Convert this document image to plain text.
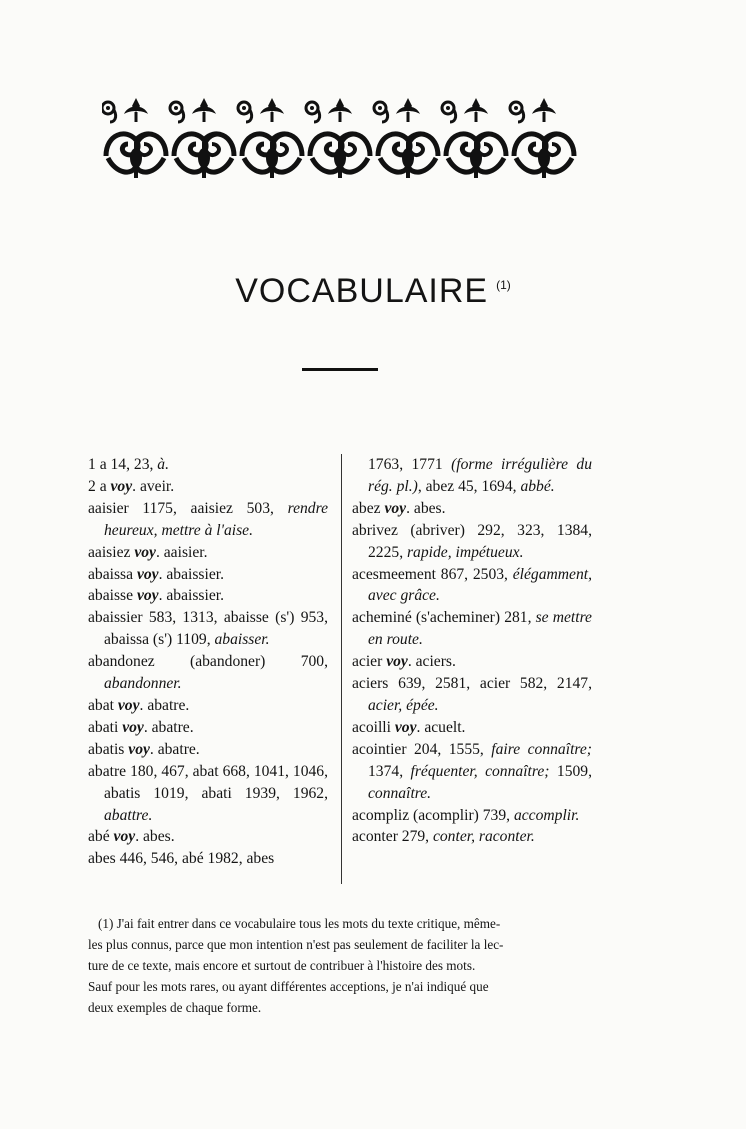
VOCABULAIRE $^{(1)}$
1 a 14, 23, à.
2 a voy. aveir.
aaisier 1175, aaisiez 503, rendre heureux, mettre à l'aise.
aaisiez voy. aaisier.
abaissa voy. abaissier.
abaisse voy. abaissier.
abaissier 583, 1313, abaisse (s') 953, abaissa (s') 1109, abaisser.
abandonez (abandoner) 700, abandonner.
abat voy. abatre.
abati voy. abatre.
abatis voy. abatre.
abatre 180, 467, abat 668, 1041, 1046, abatis 1019, abati 1939, 1962, abattre.
abé voy. abes.
abes 446, 546, abé 1982, abes
1763, 1771 (forme irrégulière du rég. pl.), abez 45, 1694, abbé.
abez voy. abes.
abrivez (abriver) 292, 323, 1384, 2225, rapide, impétueux.
acesmeement 867, 2503, élégamment, avec grâce.
acheminé (s'acheminer) 281, se mettre en route.
acier voy. aciers.
aciers 639, 2581, acier 582, 2147, acier, épée.
acoilli voy. acuelt.
acointier 204, 1555, faire connaître; 1374, fréquenter, connaître; 1509, connaître.
acompliz (acomplir) 739, accomplir.
aconter 279, conter, raconter.
(1) J'ai fait entrer dans ce vocabulaire tous les mots du texte critique, même-
les plus connus, parce que mon intention n'est pas seulement de faciliter la lec-
ture de ce texte, mais encore et surtout de contribuer à l'histoire des mots.
Sauf pour les mots rares, ou ayant différentes acceptions, je n'ai indiqué que
deux exemples de chaque forme.
